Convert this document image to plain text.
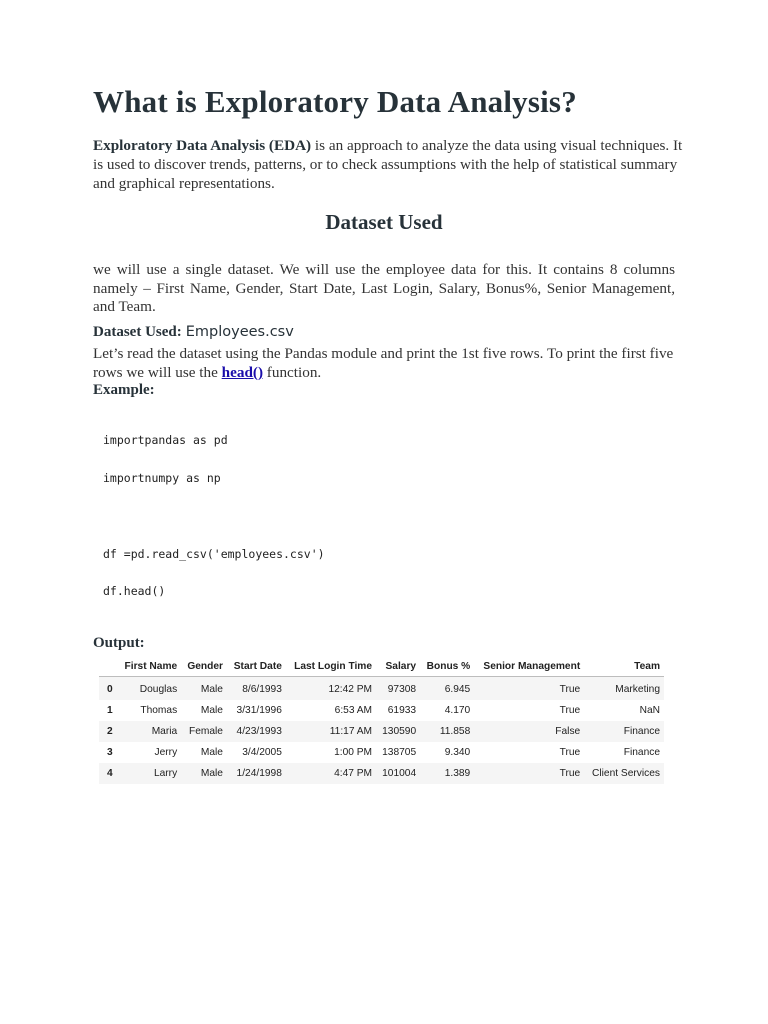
What is Exploratory Data Analysis?

Exploratory Data Analysis (EDA) is an approach to analyze the data using visual techniques. It is used to discover trends, patterns, or to check assumptions with the help of statistical summary and graphical representations.

Dataset Used

we will use a single dataset. We will use the employee data for this. It contains 8 columns namely – First Name, Gender, Start Date, Last Login, Salary, Bonus%, Senior Management, and Team.

Dataset Used: Employees.csv

Let’s read the dataset using the Pandas module and print the 1st five rows. To print the first five rows we will use the head() function.

Example:

importpandas as pd
importnumpy as np
df =pd.read_csv('employees.csv')
df.head()

Output:

	First Name	Gender	Start Date	Last Login Time	Salary	Bonus %	Senior Management	Team
0	Douglas	Male	8/6/1993	12:42 PM	97308	6.945	True	Marketing
1	Thomas	Male	3/31/1996	6:53 AM	61933	4.170	True	NaN
2	Maria	Female	4/23/1993	11:17 AM	130590	11.858	False	Finance
3	Jerry	Male	3/4/2005	1:00 PM	138705	9.340	True	Finance
4	Larry	Male	1/24/1998	4:47 PM	101004	1.389	True	Client Services
